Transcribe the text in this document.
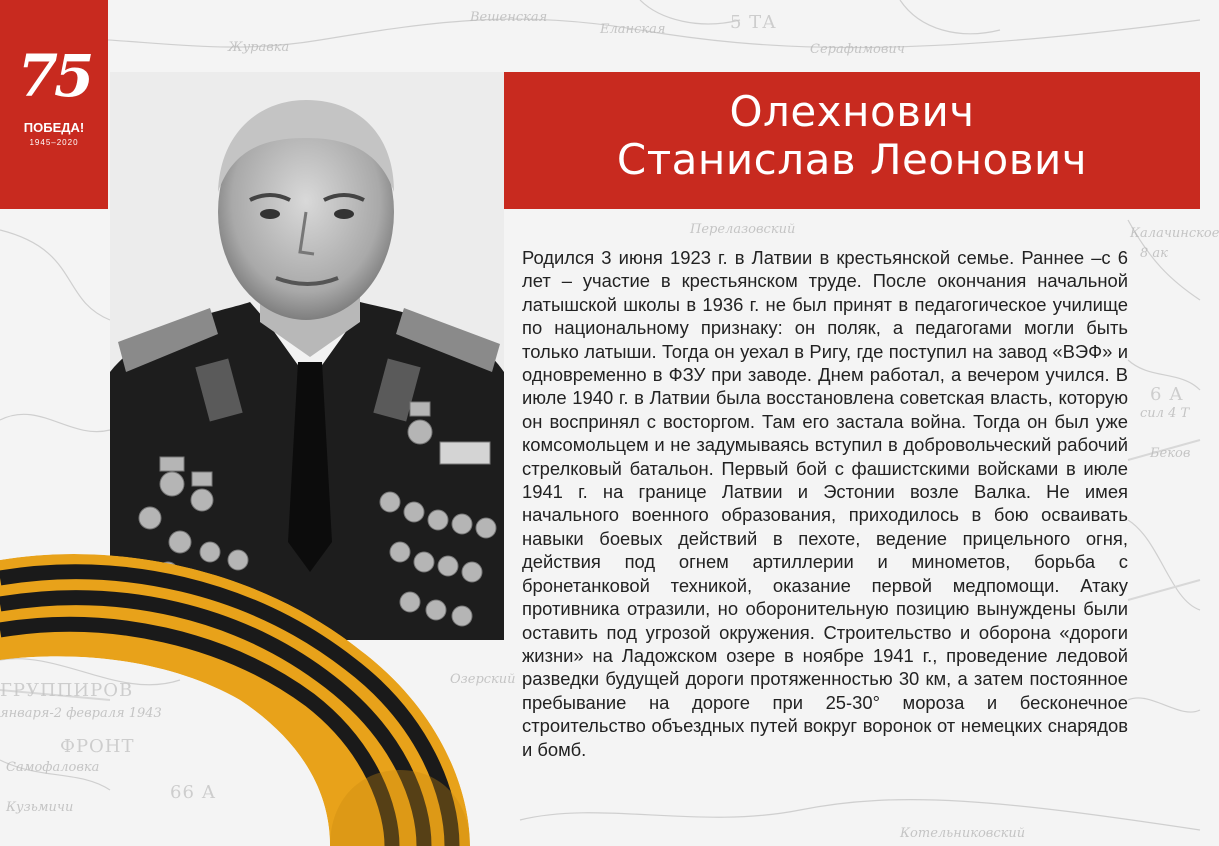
Журавка
Вешенская
Еланская	5 ТА
Серафимович
Перелазовский	Калачинское
8 ак
6 А
сил 4 Т
ГРУППИРОВ
января-2 февраля 1943
ФРОНТ
Самофаловка
Кузьмичи
66 А
Котельниковский
Озерский
Беков
75
ПОБЕДА!
1945–2020
Олехнович
Станислав Леонович

Родился 3 июня 1923 г. в Латвии в крестьянской семье. Раннее –с 6 лет – участие в крестьянском труде. После окончания начальной латышской школы в 1936 г. не был принят в педагогическое училище по национальному признаку: он поляк, а педагогами могли быть только латыши. Тогда он уехал в Ригу, где поступил на завод «ВЭФ» и одновременно в ФЗУ при заводе. Днем работал, а вечером учился. В июле 1940 г. в Латвии была восстановлена советская власть, которую он воспринял с восторгом. Там его застала война. Тогда он был уже комсомольцем и не задумываясь вступил в добровольческий рабочий стрелковый батальон. Первый бой с фашистскими войсками в июле 1941 г. на границе Латвии и Эстонии возле Валка. Не имея начального военного образования, приходилось в бою осваивать навыки боевых действий в пехоте, ведение прицельного огня, действия под огнем артиллерии и минометов, борьба с бронетанковой техникой, оказание первой медпомощи. Атаку противника отразили, но оборонительную позицию вынуждены были оставить под угрозой окружения. Строительство и оборона «дороги жизни» на Ладожском озере в ноябре 1941 г., проведение ледовой разведки будущей дороги протяженностью 30 км, а затем постоянное пребывание на дороге при 25-30° мороза и бесконечное строительство объездных путей вокруг воронок от немецких снарядов и бомб.
